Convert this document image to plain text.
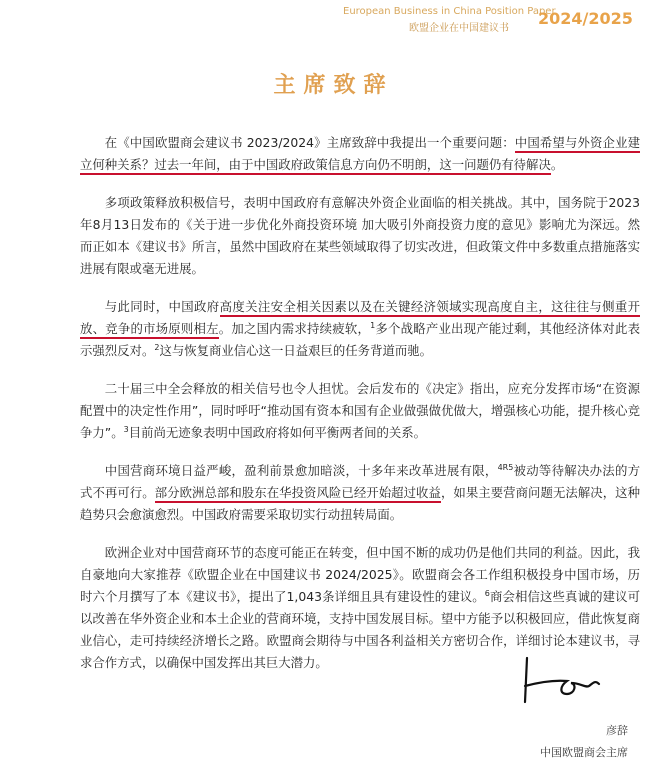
European Business in China Position Paper
欧盟企业在中国建议书
2024/2025
主席致辞

在《中国欧盟商会建议书 2023/2024》主席致辞中我提出一个重要问题：中国希望与外资企业建立何种关系？过去一年间，由于中国政府政策信息方向仍不明朗，这一问题仍有待解决。

多项政策释放积极信号，表明中国政府有意解决外资企业面临的相关挑战。其中，国务院于2023 年8月13日发布的《关于进一步优化外商投资环境 加大吸引外商投资力度的意见》影响尤为深远。然而正如本《建议书》所言，虽然中国政府在某些领域取得了切实改进，但政策文件中多数重点措施落实进展有限或毫无进展。

与此同时，中国政府高度关注安全相关因素以及在关键经济领域实现高度自主，这往往与侧重开放、竞争的市场原则相左。加之国内需求持续疲软，$^1$多个战略产业出现产能过剩，其他经济体对此表示强烈反对。$^2$这与恢复商业信心这一日益艰巨的任务背道而驰。

二十届三中全会释放的相关信号也令人担忧。会后发布的《决定》指出，应充分发挥市场“在资源配置中的决定性作用”，同时呼吁“推动国有资本和国有企业做强做优做大，增强核心功能，提升核心竞争力”。$^3$目前尚无迹象表明中国政府将如何平衡两者间的关系。

中国营商环境日益严峻，盈利前景愈加暗淡，十多年来改革进展有限，$^{4R5}$被动等待解决办法的方式不再可行。部分欧洲总部和股东在华投资风险已经开始超过收益，如果主要营商问题无法解决，这种趋势只会愈演愈烈。中国政府需要采取切实行动扭转局面。

欧洲企业对中国营商环节的态度可能正在转变，但中国不断的成功仍是他们共同的利益。因此，我自豪地向大家推荐《欧盟企业在中国建议书 2024/2025》。欧盟商会各工作组积极投身中国市场，历时六个月撰写了本《建议书》，提出了1,043条详细且具有建设性的建议。$^6$商会相信这些真诚的建议可以改善在华外资企业和本土企业的营商环境，支持中国发展目标。望中方能予以积极回应，借此恢复商业信心，走可持续经济增长之路。欧盟商会期待与中国各利益相关方密切合作，详细讨论本建议书，寻求合作方式，以确保中国发挥出其巨大潜力。

彦辞
中国欧盟商会主席
